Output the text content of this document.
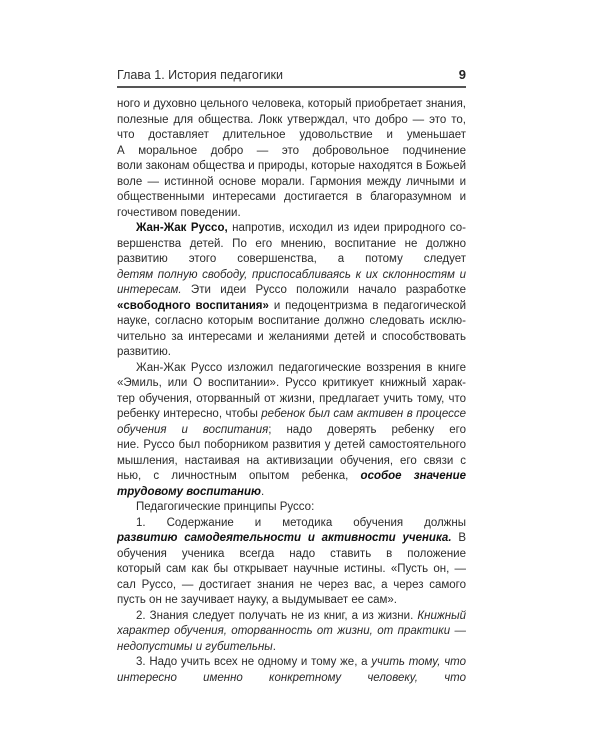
Глава 1. История педагогики	9
ного и духовно цельного человека, который приобретает знания,
полезные для общества. Локк утверждал, что добро — это то,
что доставляет длительное удовольствие и уменьшает
А моральное добро — это добровольное подчинение
воли законам общества и природы, которые находятся в Божьей
воле — истинной основе морали. Гармония между личными и
общественными интересами достигается в благоразумном и
гочестивом поведении.
Жан-Жак Руссо, напротив, исходил из идеи природного со-
вершенства детей. По его мнению, воспитание не должно
развитию этого совершенства, а потому следует
детям полную свободу, приспосабливаясь к их склонностям и
интересам. Эти идеи Руссо положили начало разработке
«свободного воспитания» и педоцентризма в педагогической
науке, согласно которым воспитание должно следовать исклю-
чительно за интересами и желаниями детей и способствовать
развитию.
Жан-Жак Руссо изложил педагогические воззрения в книге
«Эмиль, или О воспитании». Руссо критикует книжный харак-
тер обучения, оторванный от жизни, предлагает учить тому, что
ребенку интересно, чтобы ребенок был сам активен в процессе
обучения и воспитания; надо доверять ребенку его
ние. Руссо был поборником развития у детей самостоятельного
мышления, настаивая на активизации обучения, его связи с
нью, с личностным опытом ребенка, особое значение
трудовому воспитанию.
Педагогические принципы Руссо:
1. Содержание и методика обучения должны
развитию самодеятельности и активности ученика. В
обучения ученика всегда надо ставить в положение
который сам как бы открывает научные истины. «Пусть он, —
сал Руссо, — достигает знания не через вас, а через самого
пусть он не заучивает науку, а выдумывает ее сам».
2. Знания следует получать не из книг, а из жизни. Книжный
характер обучения, оторванность от жизни, от практики —
недопустимы и губительны.
3. Надо учить всех не одному и тому же, а учить тому, что
интересно именно конкретному человеку, что
